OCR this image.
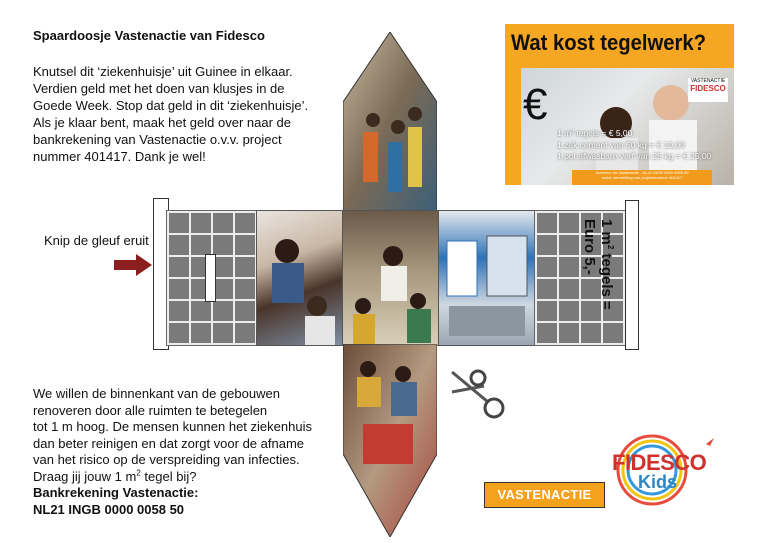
Spaardoosje Vastenactie van Fidesco
Knutsel dit ‘ziekenhuisje’ uit Guinee in elkaar.
Verdien geld met het doen van klusjes in de
Goede Week. Stop dat geld in dit ‘ziekenhuisje’.
Als je klaar bent, maak het geld over naar de
bankrekening van Vastenactie o.v.v. project
nummer 401417. Dank je wel!
Knip de gleuf eruit	1 $m^2$ tegels =
Euro 5,-
We willen de binnenkant van de gebouwen
renoveren door alle ruimten te betegelen
tot 1 m hoog. De mensen kunnen het ziekenhuis
dan beter reinigen en dat zorgt voor de afname
van het risico op de verspreiding van infecties.
Draag jij jouw 1 $m^2$ tegel bij?
Bankrekening Vastenactie:
NL21 INGB 0000 0058 50
Wat kost tegelwerk?
€	VASTENACTIE
FIDESCO
1 m² tegels = € 5,00
1 zak cement van 50 kg = € 10,00
1 pot afwasbare verf van 25 kg = € 25,00
Doneren via Vastenactie - NL21 INGB 0000 0058 50
onder vermelding van projectnummer 401417
VASTENACTIE
FIDESCO
Kids
